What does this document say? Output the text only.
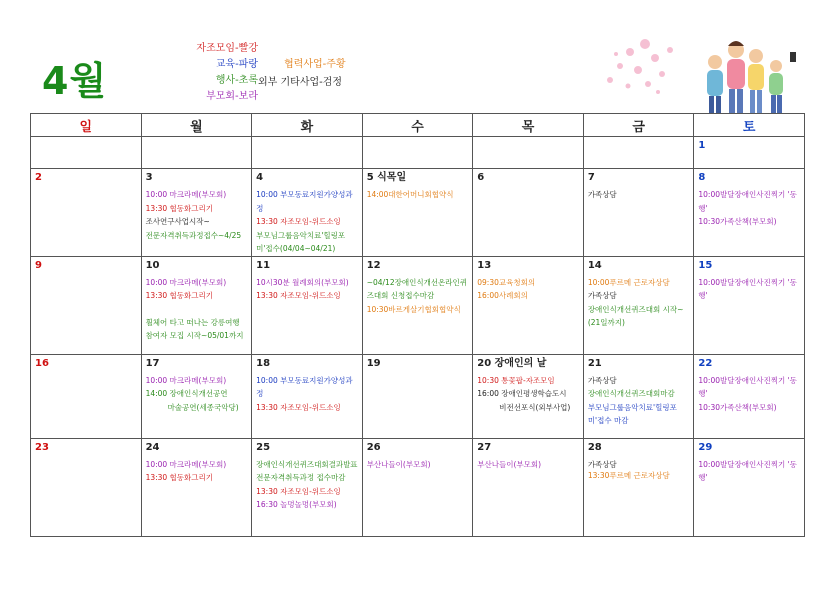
4월
자조모임-빨강
교육-파랑
행사-초록
부모회-보라
협력사업-주황
외부 기타사업-검정
일	월	화	수	목	금	토

						1

2	3
10:00 마크라메(부모회)
13:30 협동화그리기
조사연구사업시작~
전문자격취득과정접수~4/25	4
10:00 부모동료지원가양성과정
13:30 자조모임-위드소잉
부모님그룹음악치료'힐링포미'접수(04/04~04/21)	5 식목일
14:00대한어머니회협약식	6	7
가족상담	8
10:00발달장애인사진찍기 '동행'
10:30가족산책(부모회)

9	10
10:00 마크라메(부모회)
13:30 협동화그리기
휠체어 타고 떠나는 강릉여행 참여자 모집 시작~05/01까지	11
10시30분 월례회의(부모회)
13:30 자조모임-위드소잉	12
~04/12장애인식개선온라인퀴즈대회 신청접수마감
10:30바르게살기협회협약식	13
09:30교육청회의
16:00사례회의	14
10:00푸르메 근로자상담
가족상담
장애인식개선퀴즈대회 시작~(21일까지)	15
10:00발달장애인사진찍기 '동행'

16	17
10:00 마크라메(부모회)
14:00 장애인식개선공연
마술공연(세종국악당)	18
10:00 부모동료지원가양성과정
13:30 자조모임-위드소잉	19	20 장애인의 날
10:30 통꽃팝-자조모임
16:00 장애인평생학습도시
비전선포식(외부사업)	21
가족상담
장애인식개선퀴즈대회마감
부모님그룹음악치료'힐링포미'접수 마감	22
10:00발달장애인사진찍기 '동행'
10:30가족산책(부모회)

23	24
10:00 마크라메(부모회)
13:30 협동화그리기	25
장애인식개선퀴즈대회결과발표
전문자격취득과정 접수마감
13:30 자조모임-위드소잉
16:30 놀멍놀멍(부모회)	26
부산나들이(부모회)	27
부산나들이(부모회)	28
가족상담
13:30푸르메 근로자상담	29
10:00발달장애인사진찍기 '동행'
